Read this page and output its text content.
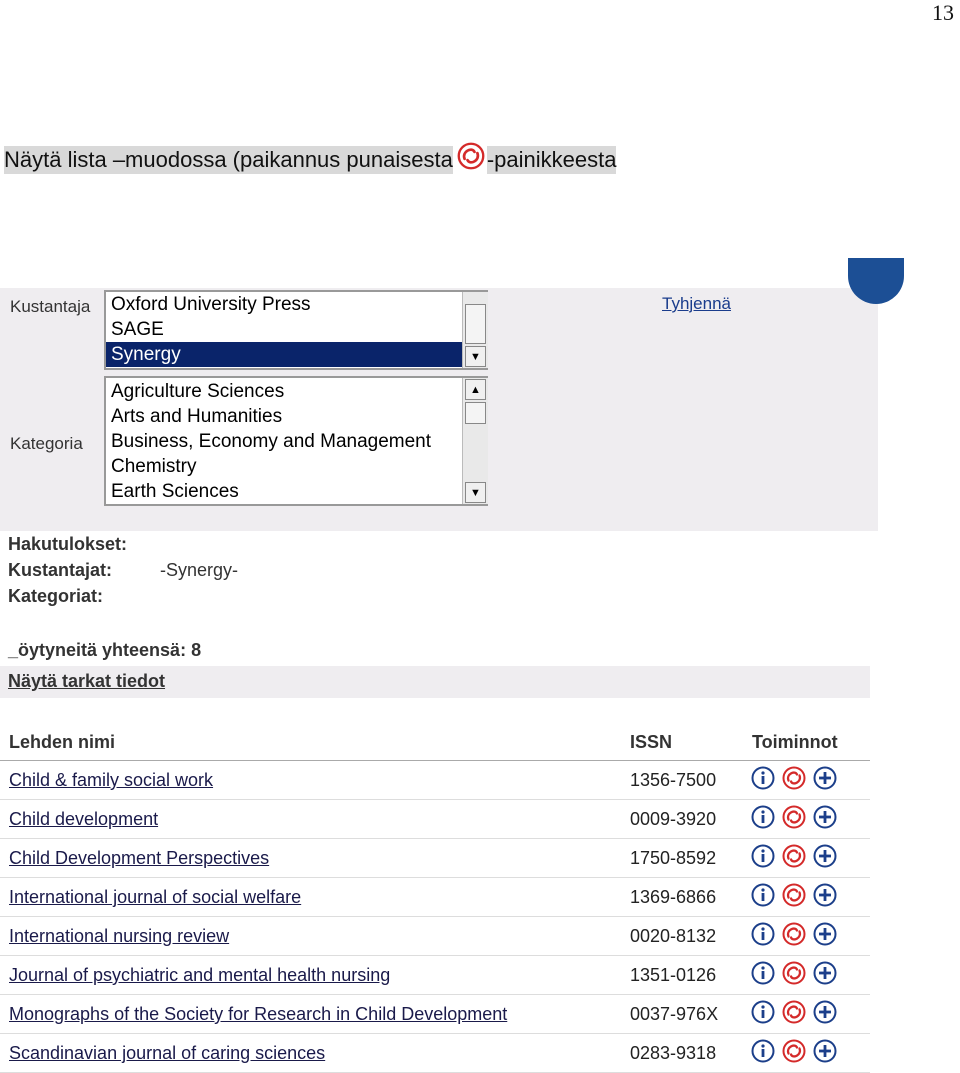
13
Näytä lista –muodossa (paikannus punaisesta -painikkeesta
Kustantaja Oxford University Press
SAGE
Synergy	▼
Kategoria
Agriculture Sciences
Arts and Humanities
Business, Economy and Management
Chemistry
Earth Sciences
▲
▼
Tyhjennä
Hakutulokset:
Kustantajat:	-Synergy-
Kategoriat:
_öytyneitä yhteensä: 8
Näytä tarkat tiedot
Lehden nimi	ISSN	Toiminnot
Child & family social work	1356-7500
Child development	0009-3920
Child Development Perspectives	1750-8592
International journal of social welfare	1369-6866
International nursing review	0020-8132
Journal of psychiatric and mental health nursing	1351-0126
Monographs of the Society for Research in Child Development	0037-976X
Scandinavian journal of caring sciences	0283-9318
